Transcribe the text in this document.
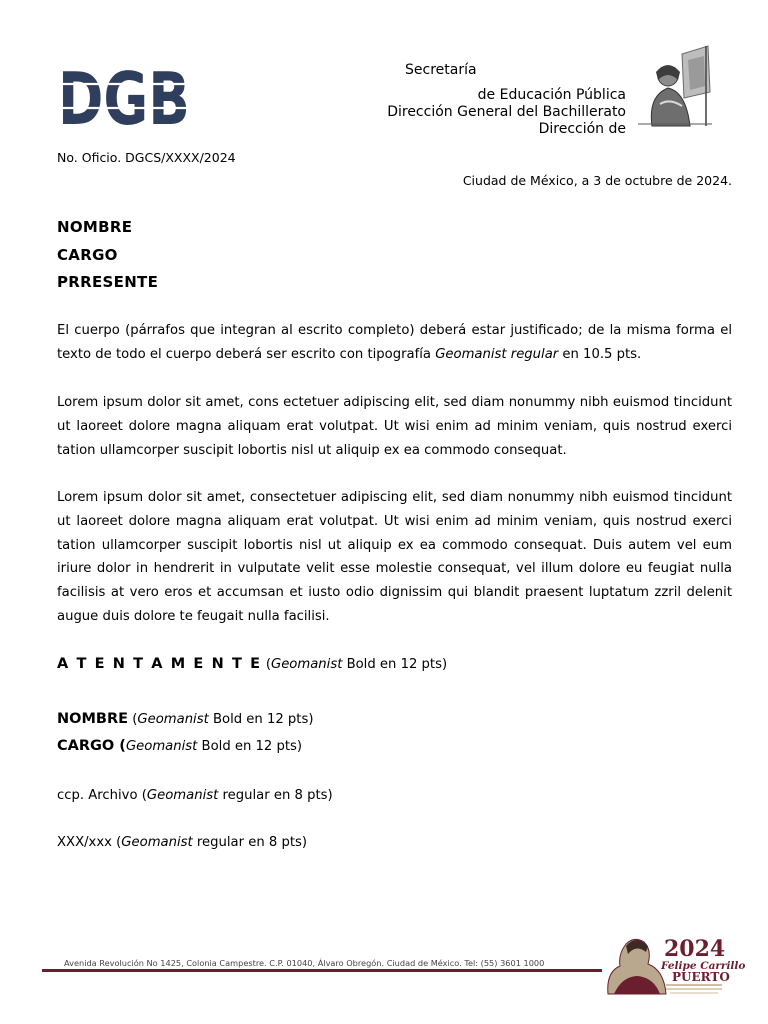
DGB	Secretaría
de Educación Pública
Dirección General del Bachillerato
Dirección de
No. Oficio. DGCS/XXXX/2024
Ciudad de México, a 3 de octubre de 2024.
NOMBRE
CARGO
PRRESENTE

El cuerpo (párrafos que integran al escrito completo) deberá estar justificado; de la misma forma el texto de todo el cuerpo deberá ser escrito con tipografía Geomanist regular en 10.5 pts.

Lorem ipsum dolor sit amet, cons ectetuer adipiscing elit, sed diam nonummy nibh euismod tincidunt ut laoreet dolore magna aliquam erat volutpat. Ut wisi enim ad minim veniam, quis nostrud exerci tation ullamcorper suscipit lobortis nisl ut aliquip ex ea commodo consequat.

Lorem ipsum dolor sit amet, consectetuer adipiscing elit, sed diam nonummy nibh euismod tincidunt ut laoreet dolore magna aliquam erat volutpat. Ut wisi enim ad minim veniam, quis nostrud exerci tation ullamcorper suscipit lobortis nisl ut aliquip ex ea commodo consequat. Duis autem vel eum iriure dolor in hendrerit in vulputate velit esse molestie consequat, vel illum dolore eu feugiat nulla facilisis at vero eros et accumsan et iusto odio dignissim qui blandit praesent luptatum zzril delenit augue duis dolore te feugait nulla facilisi.

A T E N T A M E N T E (Geomanist Bold en 12 pts)
NOMBRE (Geomanist Bold en 12 pts)
CARGO (Geomanist Bold en 12 pts)
ccp. Archivo (Geomanist regular en 8 pts)
XXX/xxx (Geomanist regular en 8 pts)
Avenida Revolución No 1425, Colonia Campestre. C.P. 01040, Álvaro Obregón. Ciudad de México. Tel: (55) 3601 1000
2024
Felipe Carrillo
PUERTO
